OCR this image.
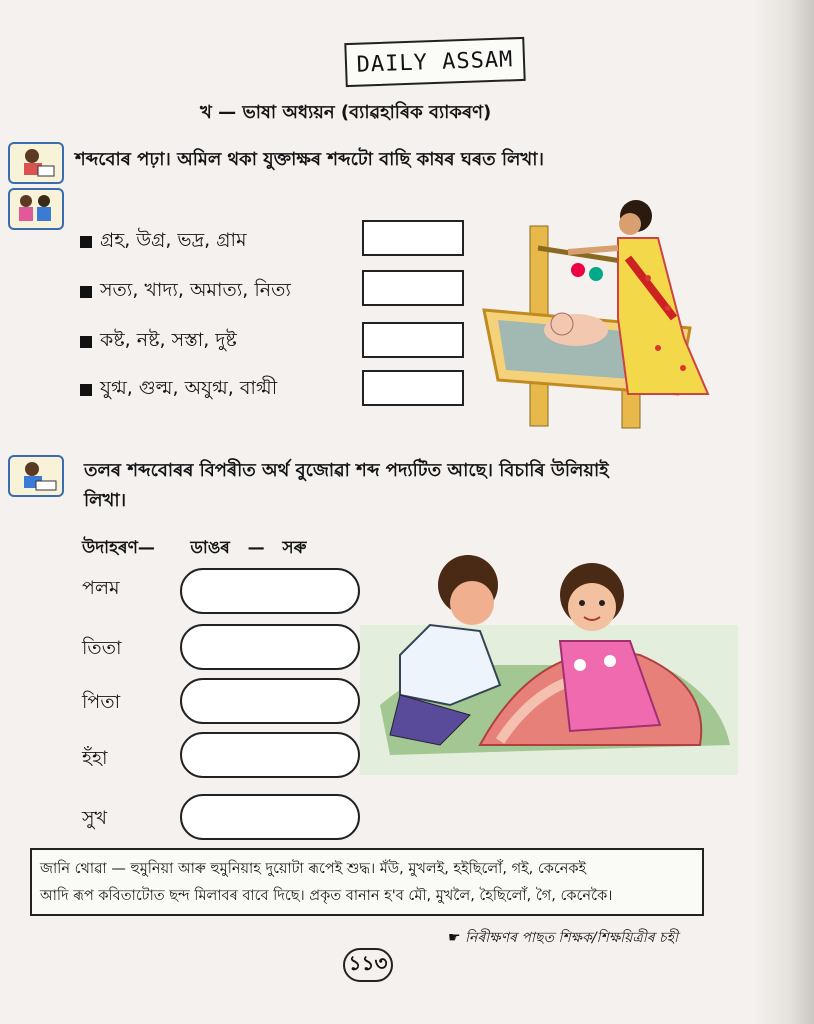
DAILY ASSAM
খ — ভাষা অধ্যয়ন (ব্যাৱহাৰিক ব্যাকৰণ)
শব্দবোৰ পঢ়া। অমিল থকা যুক্তাক্ষৰ শব্দটো বাছি কাষৰ ঘৰত লিখা।
গ্ৰহ, উগ্ৰ, ভদ্ৰ, গ্ৰাম
সত্য, খাদ্য, অমাত্য, নিত্য
কষ্ট, নষ্ট, সস্তা, দুষ্ট
যুগ্ম, গুল্ম, অযুগ্ম, বাগ্মী
তলৰ শব্দবোৰৰ বিপৰীত অৰ্থ বুজোৱা শব্দ পদ্যটিত আছে। বিচাৰি উলিয়াই
লিখা।
উদাহৰণ—      ডাঙৰ   —   সৰু
পলম
তিতা
পিতা
হঁহা
সুখ
জানি থোৱা — হুমুনিয়া আৰু হুমুনিয়াহ দুয়োটা ৰূপেই শুদ্ধ। মঁউ, মুখলই, হইছিলোঁ, গই, কেনেকই
আদি ৰূপ কবিতাটোত ছন্দ মিলাবৰ বাবে দিছে। প্ৰকৃত বানান হ'ব মৌ, মুখলৈ, হৈছিলোঁ, গৈ, কেনেকৈ।
☛ নিৰীক্ষণৰ পাছত শিক্ষক/শিক্ষয়িত্ৰীৰ চহী
১১৩
